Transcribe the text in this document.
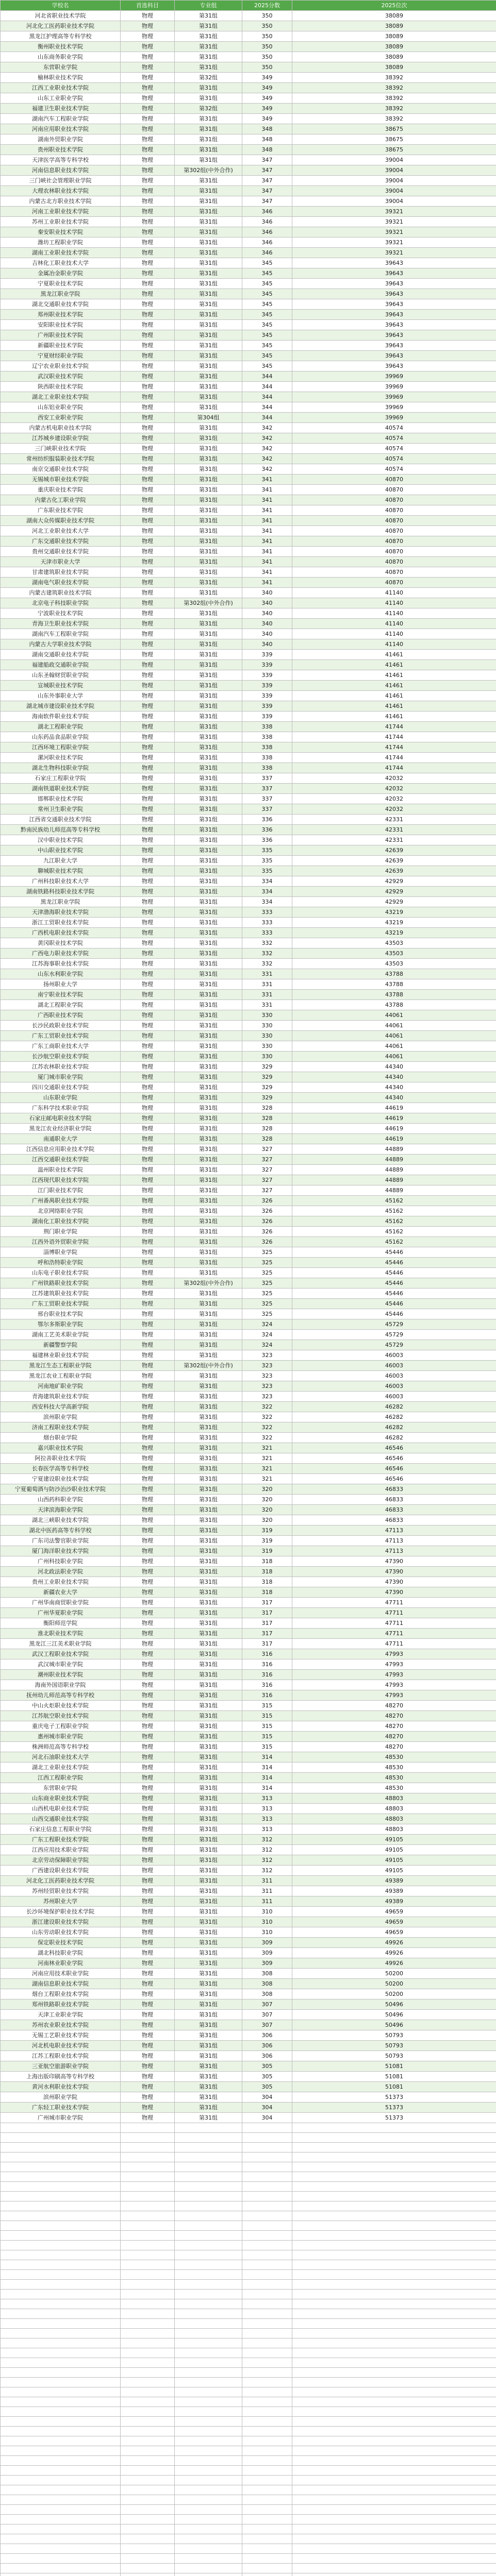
学校名	首选科目	专业组	2025分数	2025位次
河北省职业技术学院	物理	第31组	350	38089
河北化工医药职业技术学院	物理	第31组	350	38089
黑龙江护理高等专科学校	物理	第31组	350	38089
衡州职业技术学院	物理	第31组	350	38089
山东商务职业学院	物理	第31组	350	38089
东营职业学院	物理	第31组	350	38089
榆林职业技术学院	物理	第32组	349	38392
江西工业职业技术学院	物理	第31组	349	38392
山东工业职业学院	物理	第31组	349	38392
福建卫生职业技术学院	物理	第32组	349	38392
湖南汽车工程职业学院	物理	第31组	349	38392
河南应用职业技术学院	物理	第31组	348	38675
湖南外贸职业学院	物理	第31组	348	38675
贵州职业技术学院	物理	第31组	348	38675
天津医学高等专科学校	物理	第31组	347	39004
河南信息职业技术学院	物理	第302组(中外合作)	347	39004
三门峡社会管理职业学院	物理	第31组	347	39004
大理农林职业技术学院	物理	第31组	347	39004
内蒙古北方职业技术学院	物理	第31组	347	39004
河南工业职业技术学院	物理	第31组	346	39321
苏州工业职业技术学院	物理	第31组	346	39321
秦安职业技术学院	物理	第31组	346	39321
潍坊工程职业学院	物理	第31组	346	39321
湖南工业职业技术学院	物理	第31组	346	39321
吉林化工职业技术大学	物理	第31组	345	39643
金属冶金职业学院	物理	第31组	345	39643
宁夏职业技术学院	物理	第31组	345	39643
黑龙江职业学院	物理	第31组	345	39643
湖北交通职业技术学院	物理	第31组	345	39643
郑州职业技术学院	物理	第31组	345	39643
安阳职业技术学院	物理	第31组	345	39643
广州职业技术学院	物理	第31组	345	39643
新疆职业技术学院	物理	第31组	345	39643
宁夏财经职业学院	物理	第31组	345	39643
辽宁农业职业技术学院	物理	第31组	345	39643
武汉职业技术学院	物理	第31组	344	39969
陕西职业技术学院	物理	第31组	344	39969
湖北工业职业技术学院	物理	第31组	344	39969
山东铝业职业学院	物理	第31组	344	39969
西安工业职业学院	物理	第304组	344	39969
内蒙古机电职业技术学院	物理	第31组	342	40574
江苏城乡建设职业学院	物理	第31组	342	40574
三门峡职业技术学院	物理	第31组	342	40574
常州纺织服装职业技术学院	物理	第31组	342	40574
南京交通职业技术学院	物理	第31组	342	40574
无锡城市职业技术学院	物理	第31组	341	40870
重庆职业技术学院	物理	第31组	341	40870
内蒙古化工职业学院	物理	第31组	341	40870
广东职业技术学院	物理	第31组	341	40870
湖南大众传媒职业技术学院	物理	第31组	341	40870
河北工业职业技术大学	物理	第31组	341	40870
广东交通职业技术学院	物理	第31组	341	40870
贵州交通职业技术学院	物理	第31组	341	40870
天津市职业大学	物理	第31组	341	40870
甘肃建筑职业技术学院	物理	第31组	341	40870
湖南电气职业技术学院	物理	第31组	341	40870
内蒙古建筑职业技术学院	物理	第31组	340	41140
北京电子科技职业学院	物理	第302组(中外合作)	340	41140
宁波职业技术学院	物理	第31组	340	41140
青海卫生职业技术学院	物理	第31组	340	41140
湖南汽车工程职业学院	物理	第31组	340	41140
内蒙古大学职业技术学院	物理	第31组	340	41140
湖南交通职业技术学院	物理	第31组	339	41461
福建船政交通职业学院	物理	第31组	339	41461
山东圣翰财贸职业学院	物理	第31组	339	41461
宣城职业技术学院	物理	第31组	339	41461
山东外事职业大学	物理	第31组	339	41461
湖北城市建设职业技术学院	物理	第31组	339	41461
海南软件职业技术学院	物理	第31组	339	41461
湖北工程职业学院	物理	第31组	338	41744
山东药品食品职业学院	物理	第31组	338	41744
江西环境工程职业学院	物理	第31组	338	41744
漯河职业技术学院	物理	第31组	338	41744
湖北生物科技职业学院	物理	第31组	338	41744
石家庄工程职业学院	物理	第31组	337	42032
湖南铁道职业技术学院	物理	第31组	337	42032
邯郸职业技术学院	物理	第31组	337	42032
常州卫生职业学院	物理	第31组	337	42032
江西省交通职业技术学院	物理	第31组	336	42331
黔南民族幼儿师范高等专科学校	物理	第31组	336	42331
汉中职业技术学院	物理	第31组	336	42331
中山职业技术学院	物理	第31组	335	42639
九江职业大学	物理	第31组	335	42639
聊城职业技术学院	物理	第31组	335	42639
广州科技职业技术大学	物理	第31组	334	42929
湖南铁路科技职业技术学院	物理	第31组	334	42929
黑龙江职业学院	物理	第31组	334	42929
天津渤海职业技术学院	物理	第31组	333	43219
浙江工贸职业技术学院	物理	第31组	333	43219
广西机电职业技术学院	物理	第31组	333	43219
黄冈职业技术学院	物理	第31组	332	43503
广西电力职业技术学院	物理	第31组	332	43503
江苏海事职业技术学院	物理	第31组	332	43503
山东水利职业学院	物理	第31组	331	43788
扬州职业大学	物理	第31组	331	43788
南宁职业技术学院	物理	第31组	331	43788
湖北工程职业学院	物理	第31组	331	43788
广西职业技术学院	物理	第31组	330	44061
长沙民政职业技术学院	物理	第31组	330	44061
广东工贸职业技术学院	物理	第31组	330	44061
广东工商职业技术大学	物理	第31组	330	44061
长沙航空职业技术学院	物理	第31组	330	44061
江苏农林职业技术学院	物理	第31组	329	44340
厦门城市职业学院	物理	第31组	329	44340
四川交通职业技术学院	物理	第31组	329	44340
山东职业学院	物理	第31组	329	44340
广东科学技术职业学院	物理	第31组	328	44619
石家庄邮电职业技术学院	物理	第31组	328	44619
黑龙江农业经济职业学院	物理	第31组	328	44619
南通职业大学	物理	第31组	328	44619
江西信息应用职业技术学院	物理	第31组	327	44889
江西交通职业技术学院	物理	第31组	327	44889
温州职业技术学院	物理	第31组	327	44889
江西现代职业技术学院	物理	第31组	327	44889
江门职业技术学院	物理	第31组	327	44889
广州番禺职业技术学院	物理	第31组	326	45162
北京网络职业学院	物理	第31组	326	45162
湖南化工职业技术学院	物理	第31组	326	45162
荆门职业学院	物理	第31组	326	45162
江西外语外贸职业学院	物理	第31组	326	45162
淄博职业学院	物理	第31组	325	45446
呼和浩特职业学院	物理	第31组	325	45446
山东电子职业技术学院	物理	第31组	325	45446
广州铁路职业技术学院	物理	第302组(中外合作)	325	45446
江苏建筑职业技术学院	物理	第31组	325	45446
广东工贸职业技术学院	物理	第31组	325	45446
邢台职业技术学院	物理	第31组	325	45446
鄂尔多斯职业学院	物理	第31组	324	45729
湖南工艺美术职业学院	物理	第31组	324	45729
新疆警察学院	物理	第31组	324	45729
福建林业职业技术学院	物理	第31组	323	46003
黑龙江生态工程职业学院	物理	第302组(中外合作)	323	46003
黑龙江农业工程职业学院	物理	第31组	323	46003
河南地矿职业学院	物理	第31组	323	46003
青海建筑职业技术学院	物理	第31组	323	46003
西安科技大学高新学院	物理	第31组	322	46282
滨州职业学院	物理	第31组	322	46282
济南工程职业技术学院	物理	第31组	322	46282
烟台职业学院	物理	第31组	322	46282
嘉兴职业技术学院	物理	第31组	321	46546
阿拉善职业技术学院	物理	第31组	321	46546
长春医学高等专科学校	物理	第31组	321	46546
宁夏建设职业技术学院	物理	第31组	321	46546
宁夏葡萄酒与防沙治沙职业技术学院	物理	第31组	320	46833
山西药科职业学院	物理	第31组	320	46833
天津滨海职业学院	物理	第31组	320	46833
湖北三峡职业技术学院	物理	第31组	320	46833
湖北中医药高等专科学校	物理	第31组	319	47113
广东司法警官职业学院	物理	第31组	319	47113
厦门海洋职业技术学院	物理	第31组	319	47113
广州科技职业学院	物理	第31组	318	47390
河北政法职业学院	物理	第31组	318	47390
贵州工业职业技术学院	物理	第31组	318	47390
新疆农业大学	物理	第31组	318	47390
广州华南商贸职业学院	物理	第31组	317	47711
广州华夏职业学院	物理	第31组	317	47711
衡阳师范学院	物理	第31组	317	47711
淮北职业技术学院	物理	第31组	317	47711
黑龙江三江美术职业学院	物理	第31组	317	47711
武汉工程职业技术学院	物理	第31组	316	47993
武汉城市职业学院	物理	第31组	316	47993
潮州职业技术学院	物理	第31组	316	47993
海南外国语职业学院	物理	第31组	316	47993
抚州幼儿师范高等专科学校	物理	第31组	316	47993
中山火炬职业技术学院	物理	第31组	315	48270
江苏航空职业技术学院	物理	第31组	315	48270
重庆电子工程职业学院	物理	第31组	315	48270
惠州城市职业学院	物理	第31组	315	48270
株洲师范高等专科学校	物理	第31组	315	48270
河北石油职业技术大学	物理	第31组	314	48530
湖北工业职业技术学院	物理	第31组	314	48530
江西工程职业学院	物理	第31组	314	48530
东营职业学院	物理	第31组	314	48530
山东商业职业技术学院	物理	第31组	313	48803
山西机电职业技术学院	物理	第31组	313	48803
山西交通职业技术学院	物理	第31组	313	48803
石家庄信息工程职业学院	物理	第31组	313	48803
广东工程职业技术学院	物理	第31组	312	49105
江西应用技术职业学院	物理	第31组	312	49105
北京劳动保障职业学院	物理	第31组	312	49105
广西建设职业技术学院	物理	第31组	312	49105
河北化工医药职业技术学院	物理	第31组	311	49389
苏州经贸职业技术学院	物理	第31组	311	49389
苏州职业大学	物理	第31组	311	49389
长沙环境保护职业技术学院	物理	第31组	310	49659
浙江建设职业技术学院	物理	第31组	310	49659
山东劳动职业技术学院	物理	第31组	310	49659
保定职业技术学院	物理	第31组	309	49926
湖北科技职业学院	物理	第31组	309	49926
河南林业职业学院	物理	第31组	309	49926
河南应用技术职业学院	物理	第31组	308	50200
湖南信息职业技术学院	物理	第31组	308	50200
烟台工程职业技术学院	物理	第31组	308	50200
郑州铁路职业技术学院	物理	第31组	307	50496
天津工业职业学院	物理	第31组	307	50496
苏州农业职业技术学院	物理	第31组	307	50496
无锡工艺职业技术学院	物理	第31组	306	50793
河北机电职业技术学院	物理	第31组	306	50793
江苏工程职业技术学院	物理	第31组	306	50793
三亚航空旅游职业学院	物理	第31组	305	51081
上海出版印刷高等专科学校	物理	第31组	305	51081
黄河水利职业技术学院	物理	第31组	305	51081
滨州职业学院	物理	第31组	304	51373
广东轻工职业技术学院	物理	第31组	304	51373
广州城市职业学院	物理	第31组	304	51373
